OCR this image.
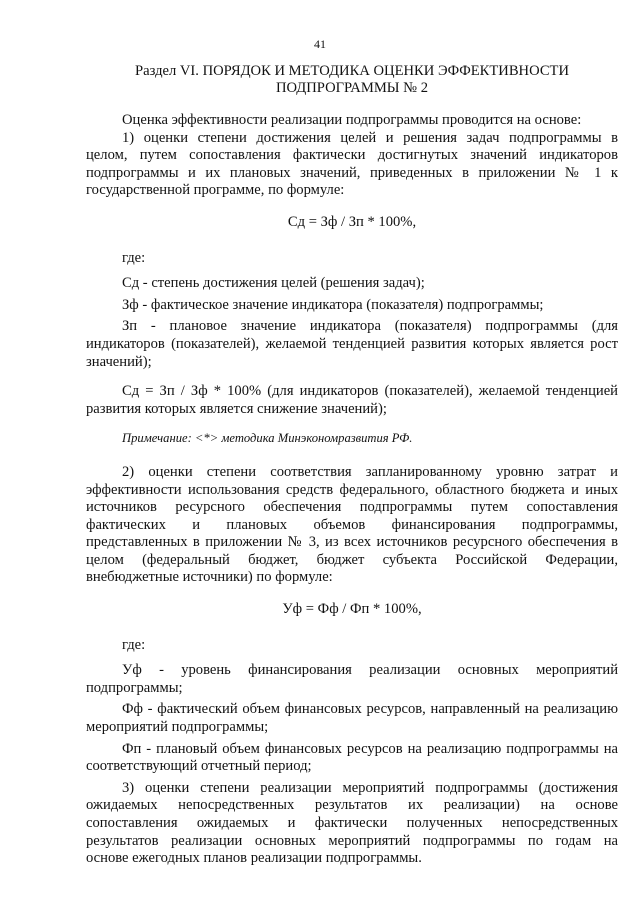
41
Раздел VI. ПОРЯДОК И МЕТОДИКА ОЦЕНКИ ЭФФЕКТИВНОСТИ
ПОДПРОГРАММЫ № 2

Оценка эффективности реализации подпрограммы проводится на основе:

1) оценки степени достижения целей и решения задач подпрограммы в

целом, путем сопоставления фактически достигнутых значений индикаторов

подпрограммы и их плановых значений, приведенных в приложении № 1 к

государственной программе, по формуле:

Сд = Зф / Зп * 100%,

где:

Сд - степень достижения целей (решения задач);

Зф - фактическое значение индикатора (показателя) подпрограммы;

Зп - плановое значение индикатора (показателя) подпрограммы (для

индикаторов (показателей), желаемой тенденцией развития которых является рост

значений);

Сд = Зп / Зф * 100% (для индикаторов (показателей), желаемой тенденцией

развития которых является снижение значений);

Примечание: <*> методика Минэкономразвития РФ.

2) оценки степени соответствия запланированному уровню затрат и

эффективности использования средств федерального, областного бюджета и иных

источников ресурсного обеспечения подпрограммы путем сопоставления

фактических и плановых объемов финансирования подпрограммы,

представленных в приложении № 3, из всех источников ресурсного обеспечения в

целом (федеральный бюджет, бюджет субъекта Российской Федерации,

внебюджетные источники) по формуле:

Уф = Фф / Фп * 100%,

где:

Уф - уровень финансирования реализации основных мероприятий

подпрограммы;

Фф - фактический объем финансовых ресурсов, направленный на реализацию

мероприятий подпрограммы;

Фп - плановый объем финансовых ресурсов на реализацию подпрограммы на

соответствующий отчетный период;

3) оценки степени реализации мероприятий подпрограммы (достижения

ожидаемых непосредственных результатов их реализации) на основе

сопоставления ожидаемых и фактически полученных непосредственных

результатов реализации основных мероприятий подпрограммы по годам на

основе ежегодных планов реализации подпрограммы.
